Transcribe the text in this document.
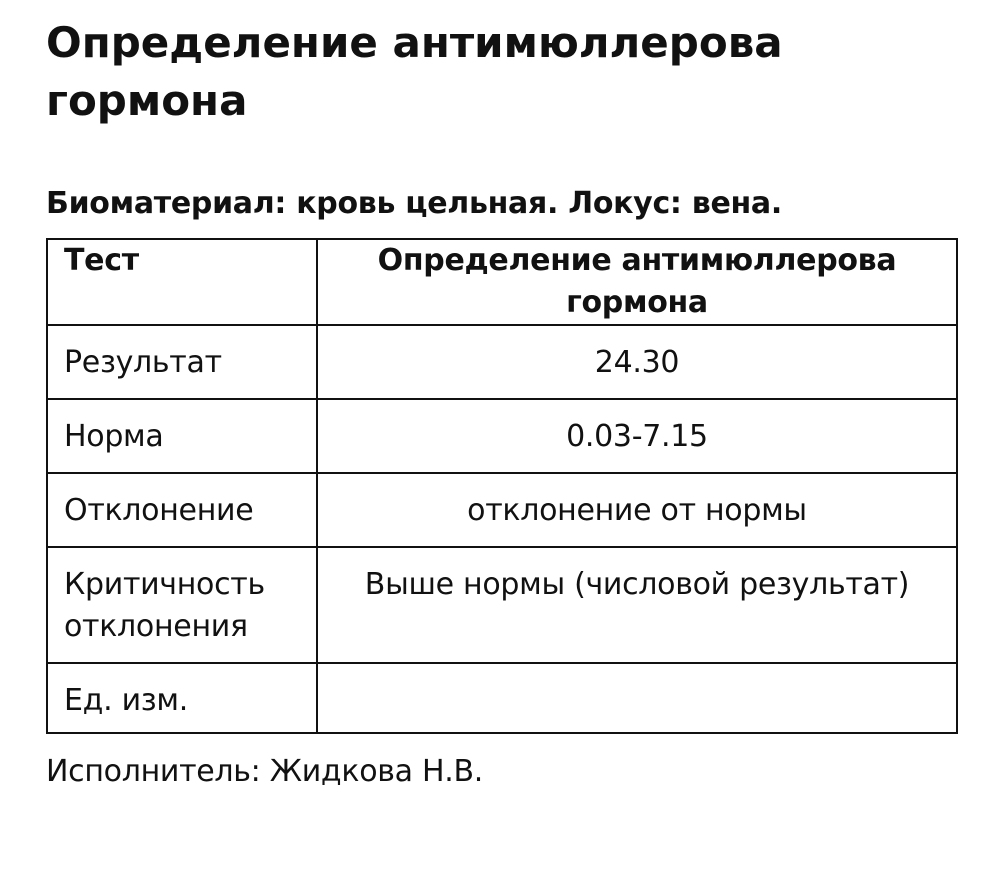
Определение антимюллерова гормона
Биоматериал: кровь цельная. Локус: вена.
Тест	Определение антимюллерова гормона
Результат	24.30
Норма	0.03-7.15
Отклонение	отклонение от нормы
Критичность отклонения	Выше нормы (числовой результат)
Ед. изм.	
Исполнитель: Жидкова Н.В.
